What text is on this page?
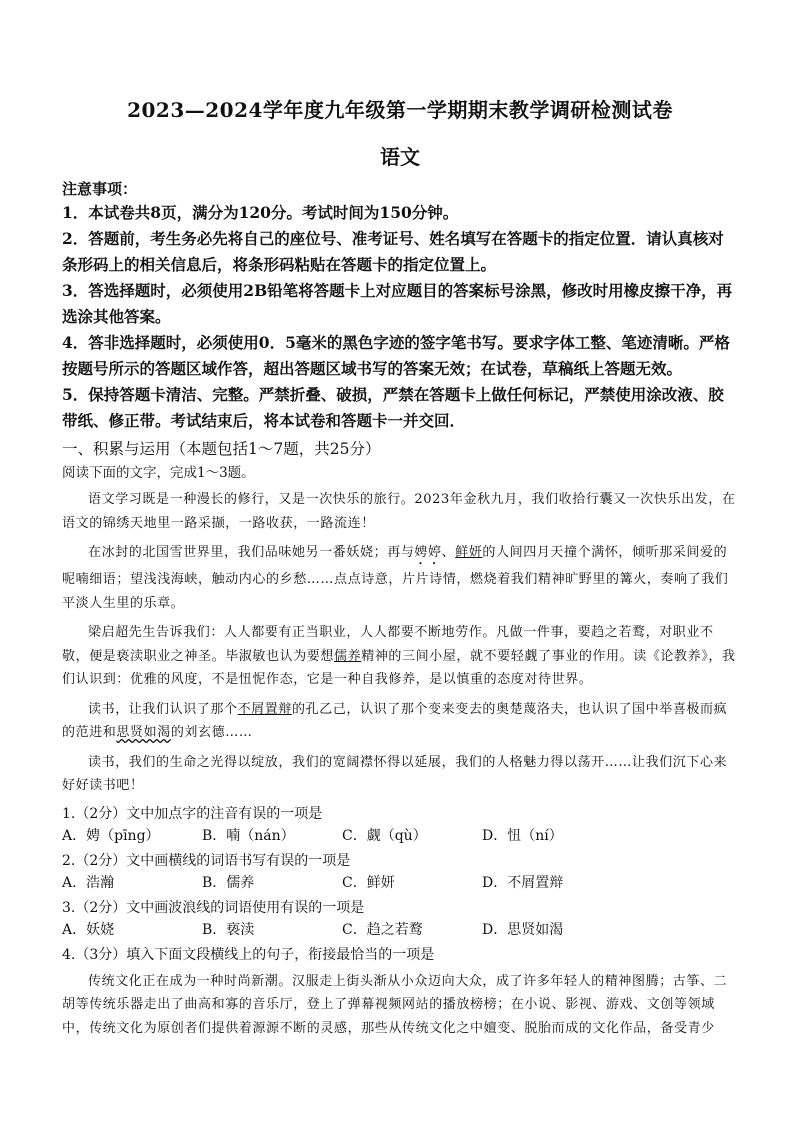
2023—2024学年度九年级第一学期期末教学调研检测试卷
语文
注意事项：
1．本试卷共8页，满分为120分。考试时间为150分钟。
2．答题前，考生务必先将自己的座位号、准考证号、姓名填写在答题卡的指定位置．请认真核对条形码上的相关信息后，将条形码粘贴在答题卡的指定位置上。
3．答选择题时，必须使用2B铅笔将答题卡上对应题目的答案标号涂黑，修改时用橡皮擦干净，再选涂其他答案。
4．答非选择题时，必须使用0．5毫米的黑色字迹的签字笔书写。要求字体工整、笔迹清晰。严格按题号所示的答题区域作答，超出答题区域书写的答案无效；在试卷，草稿纸上答题无效。
5．保持答题卡清洁、完整。严禁折叠、破损，严禁在答题卡上做任何标记，严禁使用涂改液、胶带纸、修正带。考试结束后，将本试卷和答题卡一并交回．
一、积累与运用（本题包括1～7题，共25分）
阅读下面的文字，完成1～3题。
语文学习既是一种漫长的修行，又是一次快乐的旅行。2023年金秋九月，我们收拾行囊又一次快乐出发，在语文的锦绣天地里一路采撷，一路收获，一路流连！
在冰封的北国雪世界里，我们品味她另一番妖娆；再与娉婷、鲜妍的人间四月天撞个满怀，倾听那采间爱的呢喃细语；望浅浅海峡，触动内心的乡愁……点点诗意，片片诗情，燃烧着我们精神旷野里的篝火，奏响了我们平淡人生里的乐章。
梁启超先生告诉我们：人人都要有正当职业，人人都要不断地劳作。凡做一件事，要趋之若鹜，对职业不敬，便是亵渎职业之神圣。毕淑敏也认为要想儒养精神的三间小屋，就不要轻觑了事业的作用。读《论教养》，我们认识到：优雅的风度，不是忸怩作态，它是一种自我修养，是以慎重的态度对待世界。
读书，让我们认识了那个不屑置辩的孔乙己，认识了那个变来变去的奥楚蔑洛夫，也认识了国中举喜极而疯的范进和思贤如渴的刘玄德……
读书，我们的生命之光得以绽放，我们的宽阔襟怀得以延展，我们的人格魅力得以荡开……让我们沉下心来好好读书吧！
1.（2分）文中加点字的注音有误的一项是
A．娉（pīng）	B．喃（nán）	C．觑（qù）	D．忸（ní）
2.（2分）文中画横线的词语书写有误的一项是
A．浩瀚	B．儒养	C．鲜妍	D．不屑置辩
3.（2分）文中画波浪线的词语使用有误的一项是
A．妖娆	B．亵渎	C．趋之若鹜	D．思贤如渴
4.（3分）填入下面文段横线上的句子，衔接最恰当的一项是
传统文化正在成为一种时尚新潮。汉服走上街头渐从小众迈向大众，成了许多年轻人的精神图腾；古筝、二胡等传统乐器走出了曲高和寡的音乐厅，登上了弹幕视频网站的播放榜榜；在小说、影视、游戏、文创等领域中，传统文化为原创者们提供着源源不断的灵感，那些从传统文化之中嬗变、脱胎而成的文化作品，备受青少
